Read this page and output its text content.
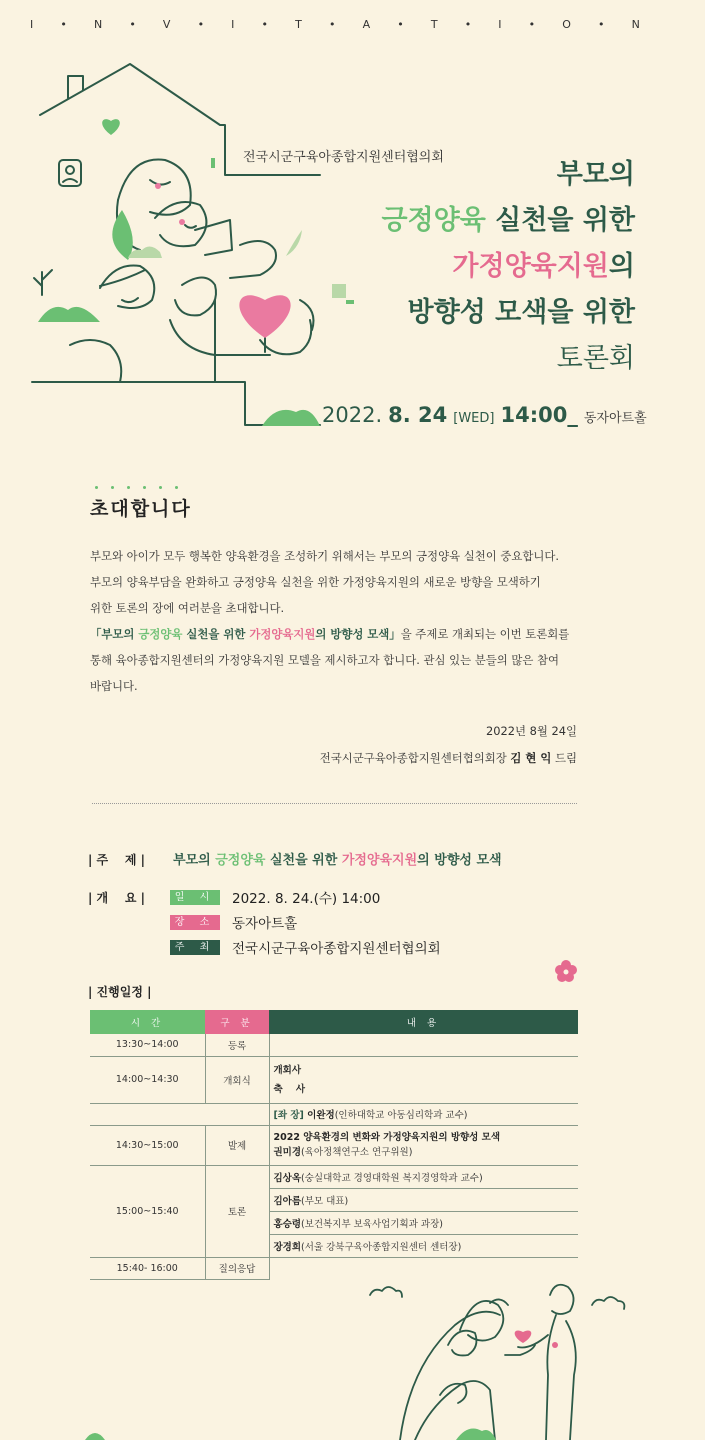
I • N • V • I • T • A • T • I • O • N
전국시군구육아종합지원센터협의회
부모의
긍정양육 실천을 위한
가정양육지원의
방향성 모색을 위한
토론회
2022. 8. 24 [WED] 14:00_ 동자아트홀
초대합니다

부모와 아이가 모두 행복한 양육환경을 조성하기 위해서는 부모의 긍정양육 실천이 중요합니다.

부모의 양육부담을 완화하고 긍정양육 실천을 위한 가정양육지원의 새로운 방향을 모색하기

위한 토론의 장에 여러분을 초대합니다.

「부모의 긍정양육 실천을 위한 가정양육지원의 방향성 모색」을 주제로 개최되는 이번 토론회를

통해 육아종합지원센터의 가정양육지원 모델을 제시하고자 합니다. 관심 있는 분들의 많은 참여

바랍니다.

2022년 8월 24일
전국시군구육아종합지원센터협의회장 김 현 익 드림
| 주    제 | 부모의 긍정양육 실천을 위한 가정양육지원의 방향성 모색
| 개    요 |	일 시	2022. 8. 24.(수) 14:00
장 소	동자아트홀
주 최	전국시군구육아종합지원센터협의회
| 진행일정 |
시 간	구 분	내 용
13:30~14:00	등록	
14:00~14:30	개회식	개회사
축    사
		[좌 장] 이완정(인하대학교 아동심리학과 교수)
14:30~15:00	발제	2022 양육환경의 변화와 가정양육지원의 방향성 모색
권미경(육아정책연구소 연구위원)
15:00~15:40	토론	김상옥(숭실대학교 경영대학원 복지경영학과 교수)
		김아름(부모 대표)
		홍승령(보건복지부 보육사업기획과 과장)
		장경희(서울 강북구육아종합지원센터 센터장)
15:40- 16:00	질의응답	
